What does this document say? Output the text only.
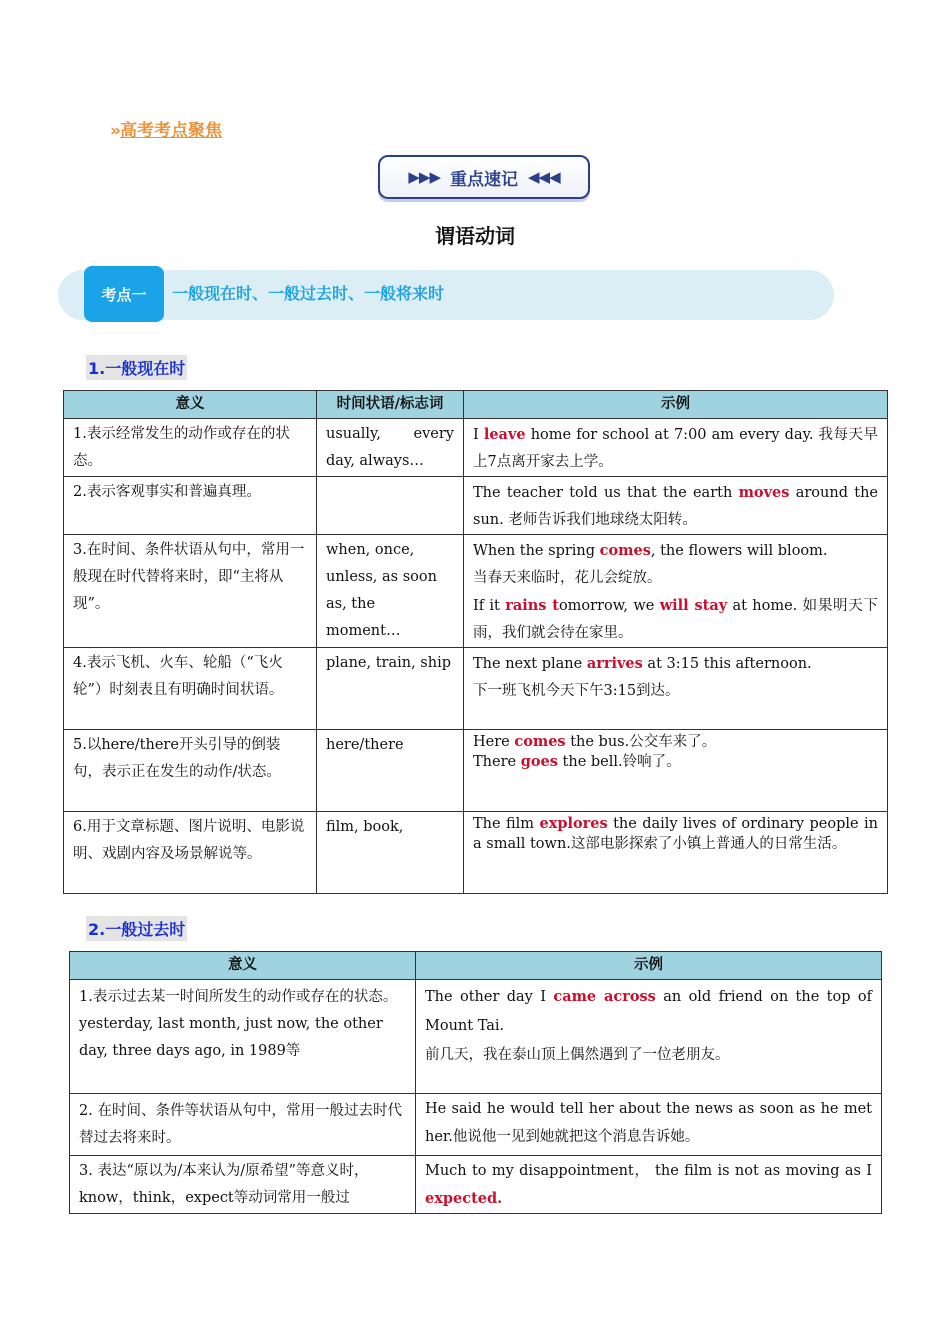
» 高考考点聚焦
▶▶▶ 重点速记 ◀◀◀
谓语动词
考点一	一般现在时、一般过去时、一般将来时
1.一般现在时
意义	时间状语/标志词	示例
1.表示经常发生的动作或存在的状态。	usually, every day, always…	I leave home for school at 7:00 am every day. 我每天早上7点离开家去上学。
2.表示客观事实和普遍真理。		The teacher told us that the earth moves around the sun. 老师告诉我们地球绕太阳转。
3.在时间、条件状语从句中，常用一般现在时代替将来时，即“主将从现”。	when, once, unless, as soon as, the moment…	When the spring comes, the flowers will bloom.
当春天来临时，花儿会绽放。
If it rains tomorrow, we will stay at home. 如果明天下雨，我们就会待在家里。

4.表示飞机、火车、轮船（“飞火轮”）时刻表且有明确时间状语。	plane, train, ship	The next plane arrives at 3:15 this afternoon.
下一班飞机今天下午3:15到达。

5.以here/there开头引导的倒装句，表示正在发生的动作/状态。	here/there	Here comes the bus.公交车来了。
There goes the bell.铃响了。

6.用于文章标题、图片说明、电影说明、戏剧内容及场景解说等。	film, book,	The film explores the daily lives of ordinary people in a small town.这部电影探索了小镇上普通人的日常生活。
2.一般过去时
意义	示例
1.表示过去某一时间所发生的动作或存在的状态。yesterday, last month, just now, the other day, three days ago, in 1989等	The other day I came across an old friend on the top of Mount Tai.
前几天，我在泰山顶上偶然遇到了一位老朋友。

2. 在时间、条件等状语从句中，常用一般过去时代替过去将来时。	He said he would tell her about the news as soon as he met her.他说他一见到她就把这个消息告诉她。
3. 表达“原以为/本来认为/原希望”等意义时，know，think，expect等动词常用一般过	Much to my disappointment， the film is not as moving as I expected.
